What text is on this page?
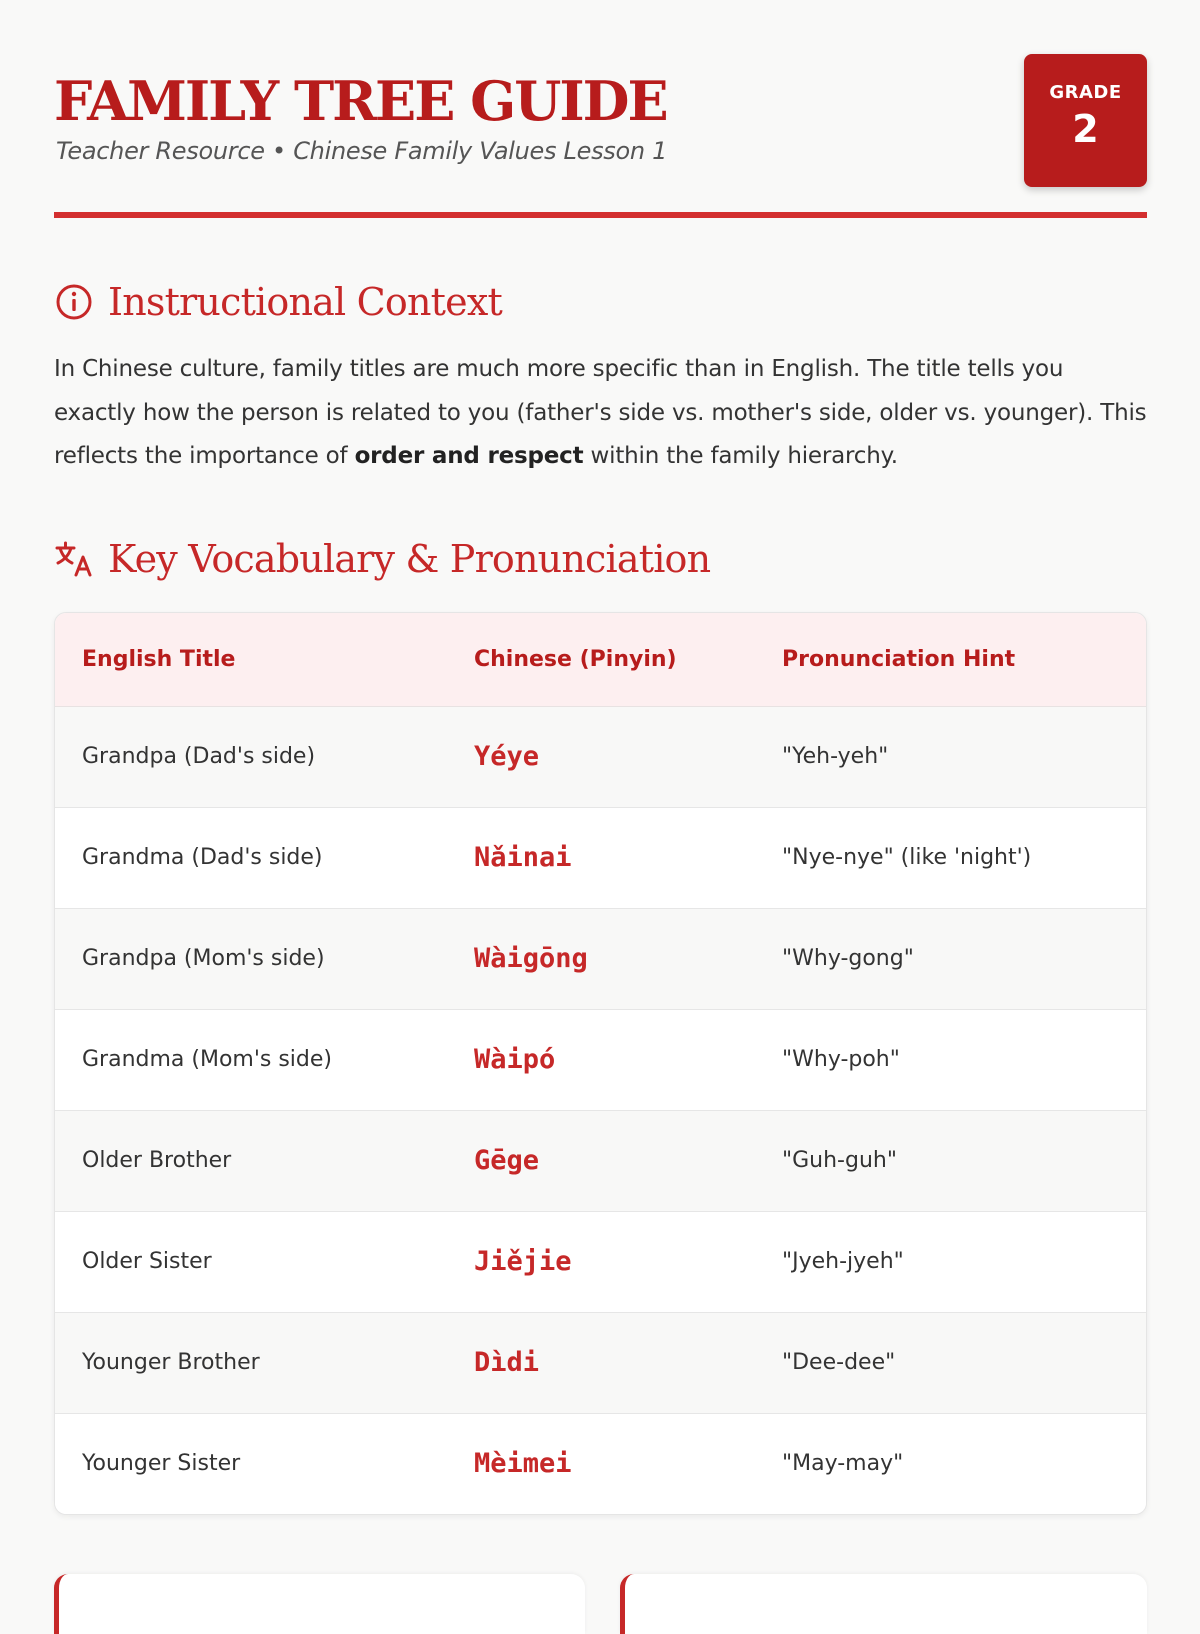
FAMILY TREE GUIDE
Teacher Resource • Chinese Family Values Lesson 1
GRADE
2
Instructional Context

In Chinese culture, family titles are much more specific than in English. The title tells you exactly how the person is related to you (father's side vs. mother's side, older vs. younger). This reflects the importance of order and respect within the family hierarchy.

Key Vocabulary & Pronunciation
English Title	Chinese (Pinyin)	Pronunciation Hint
Grandpa (Dad's side)	Yéye	"Yeh-yeh"
Grandma (Dad's side)	Nǎinai	"Nye-nye" (like 'night')
Grandpa (Mom's side)	Wàigōng	"Why-gong"
Grandma (Mom's side)	Wàipó	"Why-poh"
Older Brother	Gēge	"Guh-guh"
Older Sister	Jiějie	"Jyeh-jyeh"
Younger Brother	Dìdi	"Dee-dee"
Younger Sister	Mèimei	"May-may"
